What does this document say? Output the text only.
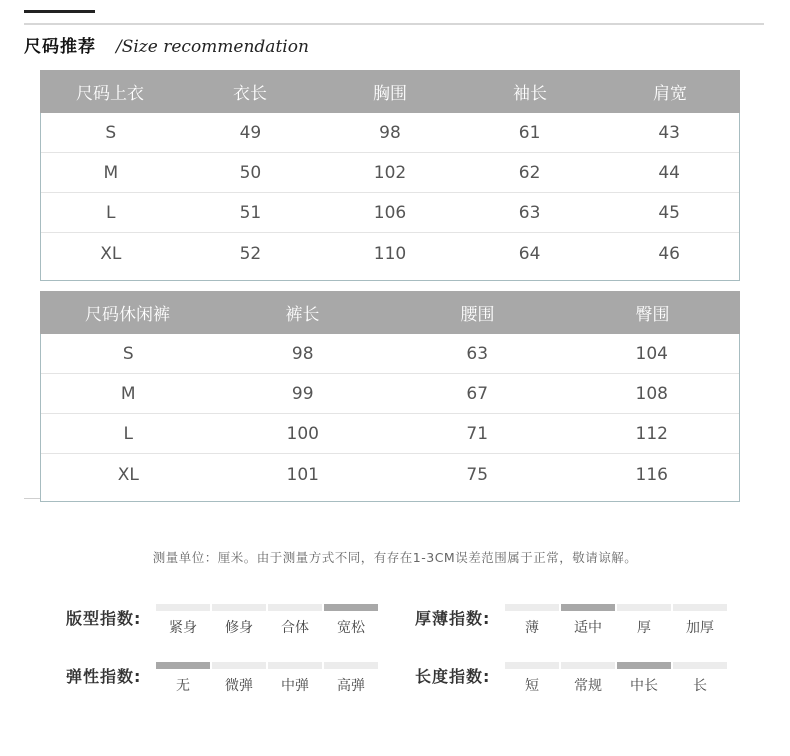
尺码推荐 /Size recommendation
尺码上衣	衣长	胸围	袖长	肩宽
S	49	98	61	43
M	50	102	62	44
L	51	106	63	45
XL	52	110	64	46
尺码休闲裤	裤长	腰围	臀围
S	98	63	104
M	99	67	108
L	100	71	112
XL	101	75	116
测量单位：厘米。由于测量方式不同，有存在1-3CM误差范围属于正常，敬请谅解。
版型指数:	紧身	修身	合体	宽松	厚薄指数:	薄	适中	厚	加厚
弹性指数:	无	微弹	中弹	高弹	长度指数:	短	常规	中长	长
